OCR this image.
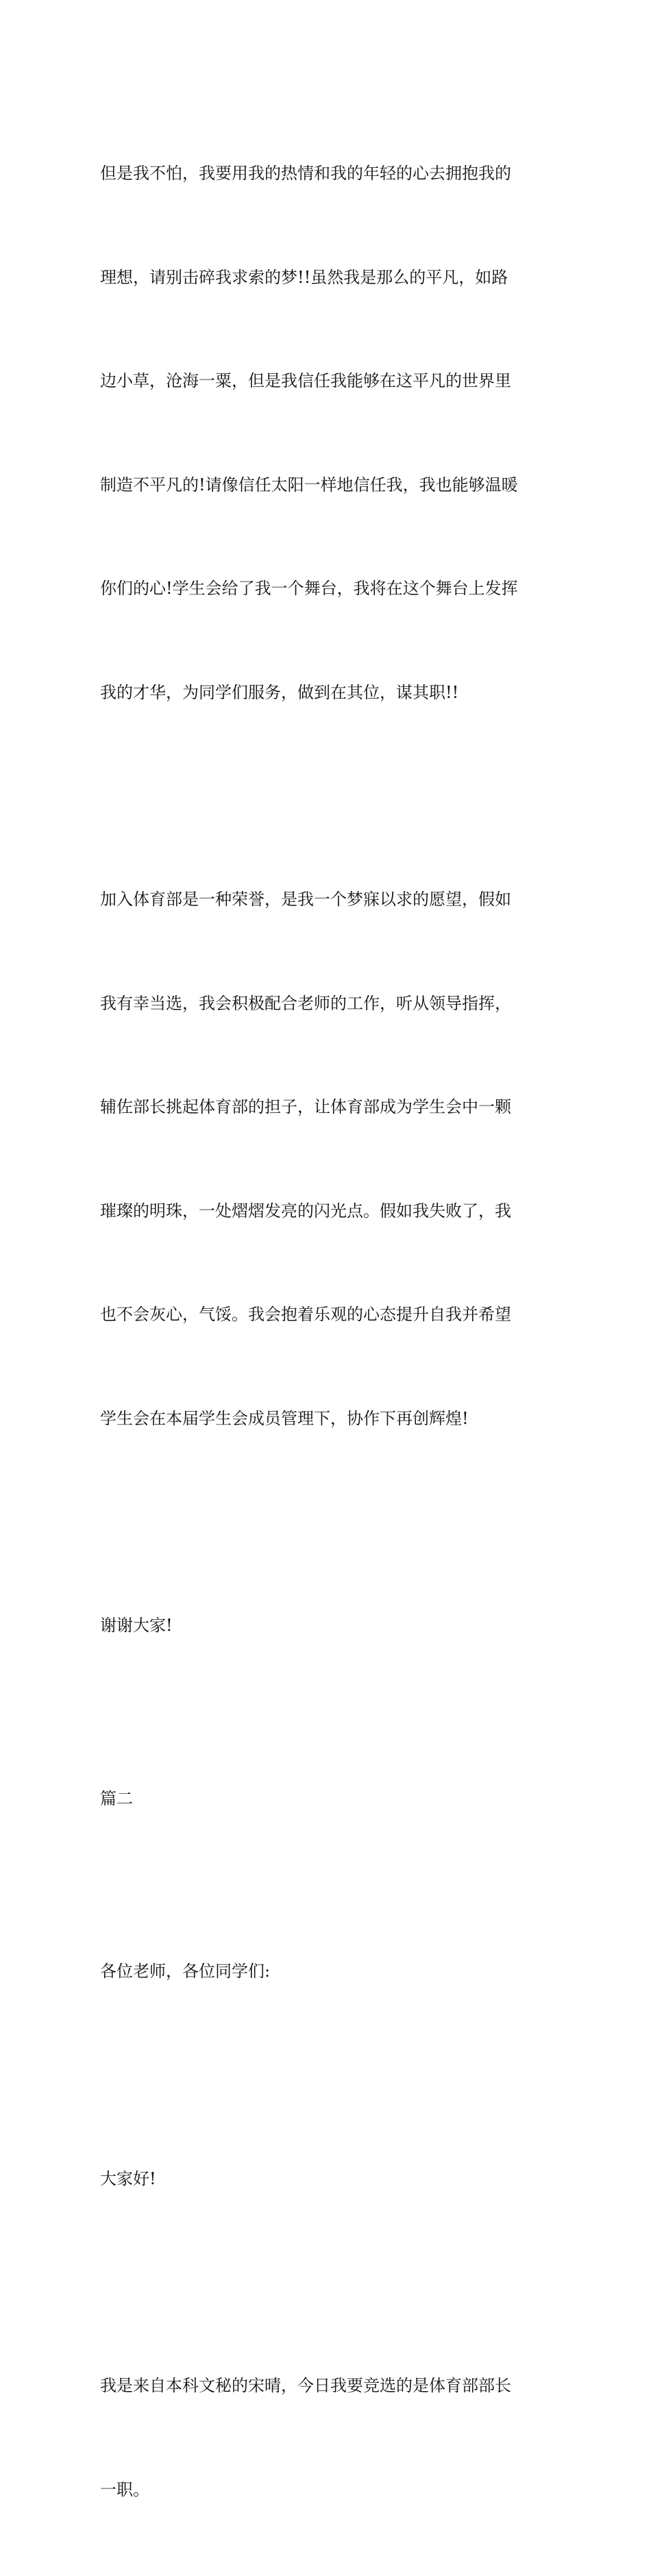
但是我不怕，我要用我的热情和我的年轻的心去拥抱我的

理想，请别击碎我求索的梦!!虽然我是那么的平凡，如路

边小草，沧海一粟，但是我信任我能够在这平凡的世界里

制造不平凡的!请像信任太阳一样地信任我，我也能够温暖

你们的心!学生会给了我一个舞台，我将在这个舞台上发挥

我的才华，为同学们服务，做到在其位，谋其职!!

加入体育部是一种荣誉，是我一个梦寐以求的愿望，假如

我有幸当选，我会积极配合老师的工作，听从领导指挥，

辅佐部长挑起体育部的担子，让体育部成为学生会中一颗

璀璨的明珠，一处熠熠发亮的闪光点。假如我失败了，我

也不会灰心，气馁。我会抱着乐观的心态提升自我并希望

学生会在本届学生会成员管理下，协作下再创辉煌!

谢谢大家!

篇二

各位老师，各位同学们:

大家好!

我是来自本科文秘的宋晴，今日我要竞选的是体育部部长

一职。
